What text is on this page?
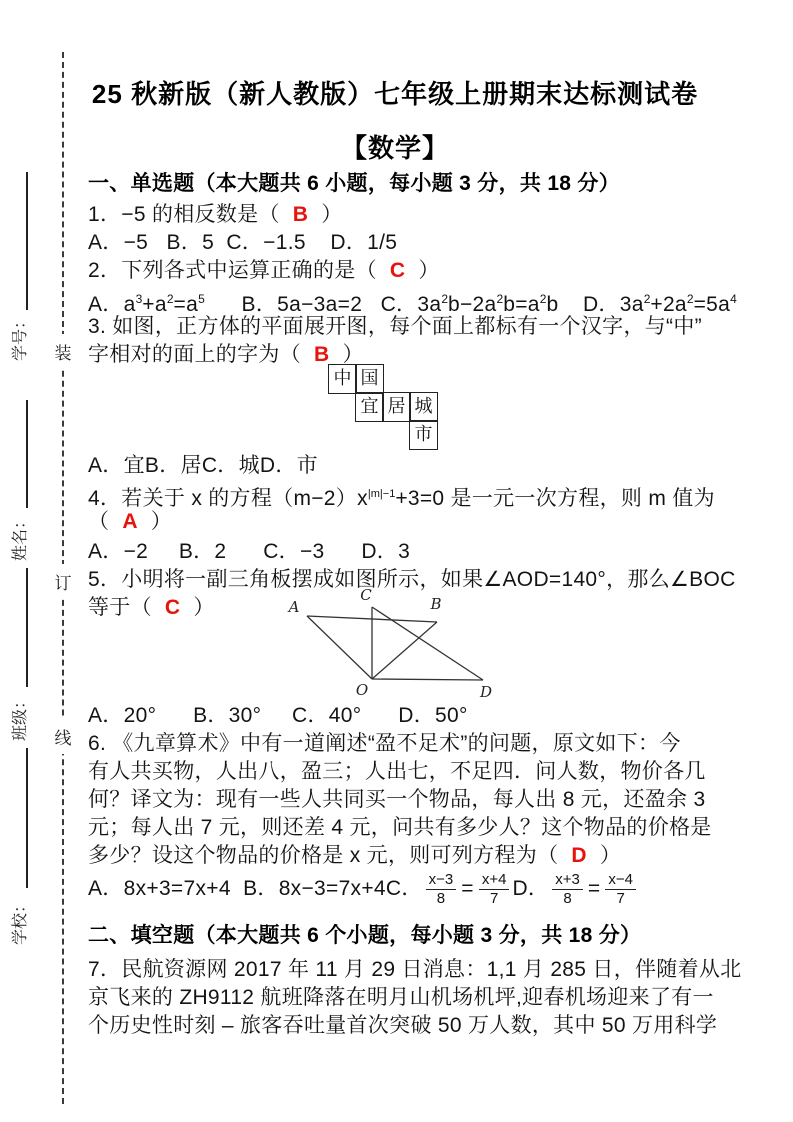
装
订
线
学号：
姓名：
班级：
学校：
25 秋新版（新人教版）七年级上册期末达标测试卷
【数学】
一、单选题（本大题共 6 小题，每小题 3 分，共 18 分）
1．−5 的相反数是（ B ）
A．−5   B．5  C．−1.5    D．1/5
2．下列各式中运算正确的是（ C ）
A．$a^3+a^2=a^5$      B．5a−3a=2   C．$3a^2b-2a^2b=a^2b$    D．$3a^2+2a^2=5a^4$
3. 如图，正方体的平面展开图，每个面上都标有一个汉字，与“中”
字相对的面上的字为（ B ）
中 国
宜 居 城
市
A．宜B．居C．城D．市
4．若关于 x 的方程$(m-2)x^{|m|-1}+3=0$ 是一元一次方程，则 m 值为
（ A ）
A．−2     B．2      C．−3      D．3
5．小明将一副三角板摆成如图所示，如果∠AOD=140°，那么∠BOC
等于（ C ）	A
C	B
O	D
A．20°      B．30°     C．40°      D．50°
6. 《九章算术》中有一道阐述“盈不足术”的问题，原文如下：今
有人共买物，人出八，盈三；人出七，不足四．问人数，物价各几
何？译文为：现有一些人共同买一个物品，每人出 8 元，还盈余 3
元；每人出 7 元，则还差 4 元，问共有多少人？这个物品的价格是
多少？设这个物品的价格是 x 元，则可列方程为（ D ）
A．8x+3=7x+4  B．8x−3=7x+4C． $\frac{x-3}{8} = \frac{x+4}{7}$ D． $\frac{x+3}{8} = \frac{x-4}{7}$
二、填空题（本大题共 6 个小题，每小题 3 分，共 18 分）
7．民航资源网 2017 年 11 月 29 日消息：1,1 月 285 日，伴随着从北
京飞来的 ZH9112 航班降落在明月山机场机坪,迎春机场迎来了有一
个历史性时刻 – 旅客吞吐量首次突破 50 万人数，其中 50 万用科学
